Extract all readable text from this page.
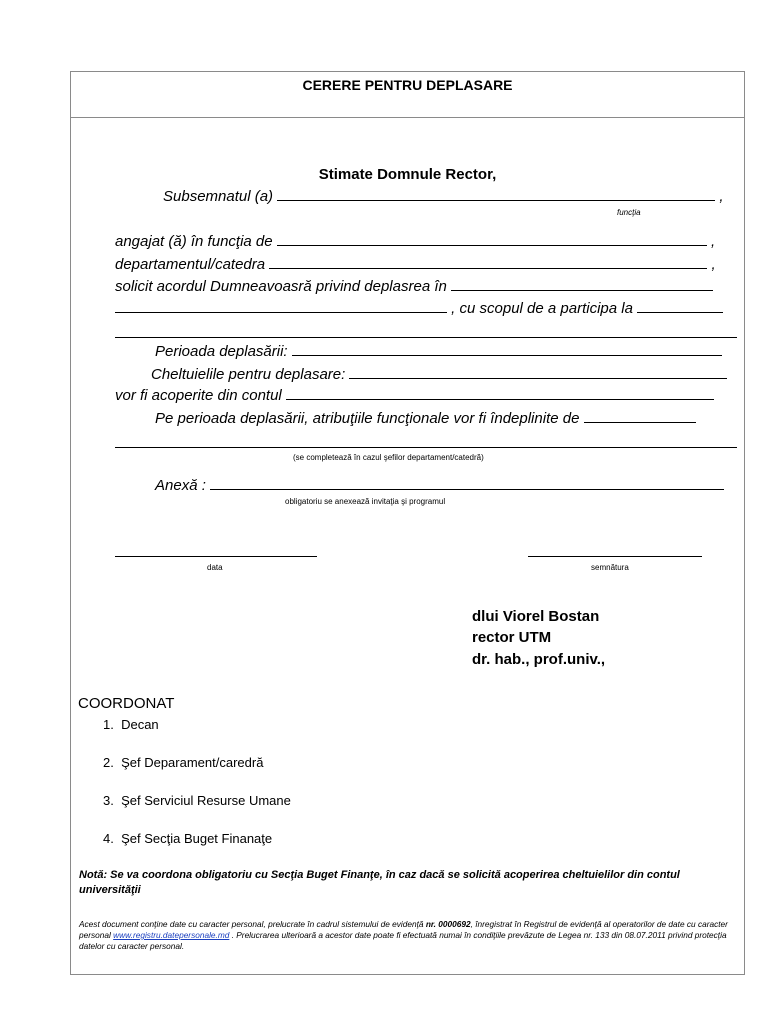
CERERE PENTRU DEPLASARE
Stimate Domnule Rector,
Subsemnatul (a)	,
funcţia
angajat (ă) în funcţia de	,
departamentul/catedra	,
solicit acordul Dumneavoasră privind deplasrea în
, cu scopul de a participa la
Perioada deplasării:
Cheltuielile pentru deplasare:
vor fi acoperite din contul
Pe perioada deplasării, atribuţiile funcţionale vor fi îndeplinite de
(se completează în cazul şefilor departament/catedră)
Anexă :
obligatoriu se anexează invitaţia şi programul
data	semnătura
dlui Viorel Bostan
rector UTM
dr. hab., prof.univ.,
COORDONAT
1. Decan
2. Şef Deparament/caredră
3. Şef Serviciul Resurse Umane
4. Şef Secţia Buget Finanaţe
Notă: Se va coordona obligatoriu cu Secţia Buget Finanţe, în caz dacă se solicită acoperirea cheltuielilor din contul universităţii
Acest document conţine date cu caracter personal, prelucrate în cadrul sistemului de evidenţă nr. 0000692, înregistrat în Registrul de evidenţă al operatorilor de date cu caracter personal www.registru.datepersonale.md . Prelucrarea ulterioară a acestor date poate fi efectuată numai în condiţiile prevăzute de Legea nr. 133 din 08.07.2011 privind protecţia datelor cu caracter personal.
